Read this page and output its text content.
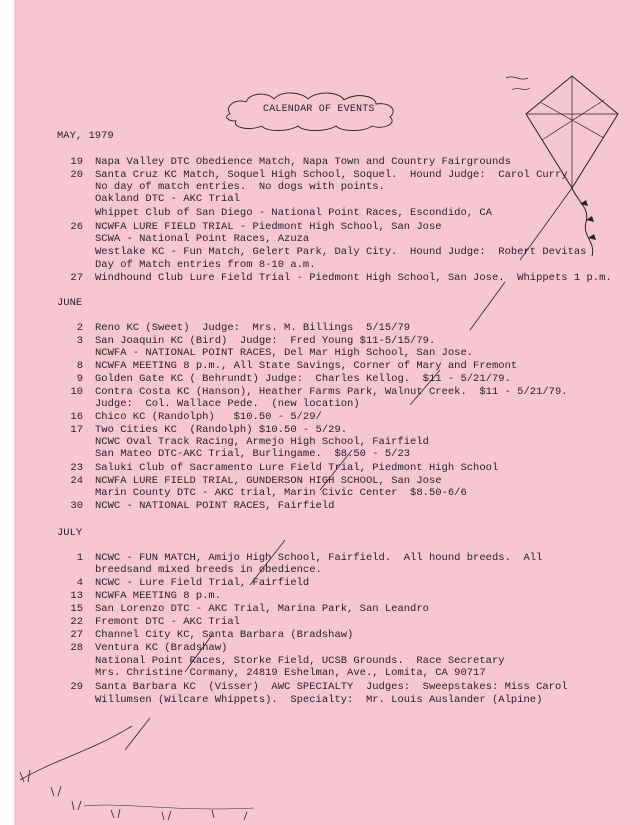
CALENDAR OF EVENTS
MAY, 1979

19

Napa Valley DTC Obedience Match, Napa Town and Country Fairgrounds

20

Santa Cruz KC Match, Soquel High School, Soquel.  Hound Judge:  Carol Curry

No day of match entries.  No dogs with points.

Oakland DTC - AKC Trial

Whippet Club of San Diego - National Point Races, Escondido, CA

26

NCWFA LURE FIELD TRIAL - Piedmont High School, San Jose

SCWA - National Point Races, Azuza

Westlake KC - Fun Match, Gelert Park, Daly City.  Hound Judge:  Robert Devitas

Day of Match entries from 8-10 a.m.

27

Windhound Club Lure Field Trial - Piedmont High School, San Jose.  Whippets 1 p.m.

JUNE

2

Reno KC (Sweet)  Judge:  Mrs. M. Billings  5/15/79

3

San Joaquin KC (Bird)  Judge:  Fred Young $11-5/15/79.

NCWFA - NATIONAL POINT RACES, Del Mar High School, San Jose.

8

NCWFA MEETING 8 p.m., All State Savings, Corner of Mary and Fremont

9

Golden Gate KC ( Behrundt) Judge:  Charles Kellog.  $11 - 5/21/79.

10

Contra Costa KC (Hanson), Heather Farms Park, Walnut Creek.  $11 - 5/21/79.

Judge:  Col. Wallace Pede.  (new location)

16

Chico KC (Randolph)   $10.50 - 5/29/

17

Two Cities KC  (Randolph) $10.50 - 5/29.

NCWC Oval Track Racing, Armejo High School, Fairfield

San Mateo DTC-AKC Trial, Burlingame.  $8.50 - 5/23

23

Saluki Club of Sacramento Lure Field Trial, Piedmont High School

24

NCWFA LURE FIELD TRIAL, GUNDERSON HIGH SCHOOL, San Jose

Marin County DTC - AKC trial, Marin Civic Center  $8.50-6/6

30

NCWC - NATIONAL POINT RACES, Fairfield

JULY

1

NCWC - FUN MATCH, Amijo High School, Fairfield.  All hound breeds.  All

breedsand mixed breeds in obedience.

4

NCWC - Lure Field Trial, Fairfield

13

NCWFA MEETING 8 p.m.

15

San Lorenzo DTC - AKC Trial, Marina Park, San Leandro

22

Fremont DTC - AKC Trial

27

Channel City KC, Santa Barbara (Bradshaw)

28

Ventura KC (Bradshaw)

National Point Races, Storke Field, UCSB Grounds.  Race Secretary

Mrs. Christine Cormany, 24819 Eshelman, Ave., Lomita, CA 90717

29

Santa Barbara KC  (Visser)  AWC SPECIALTY  Judges:  Sweepstakes: Miss Carol

Willumsen (Wilcare Whippets).  Specialty:  Mr. Louis Auslander (Alpine)
